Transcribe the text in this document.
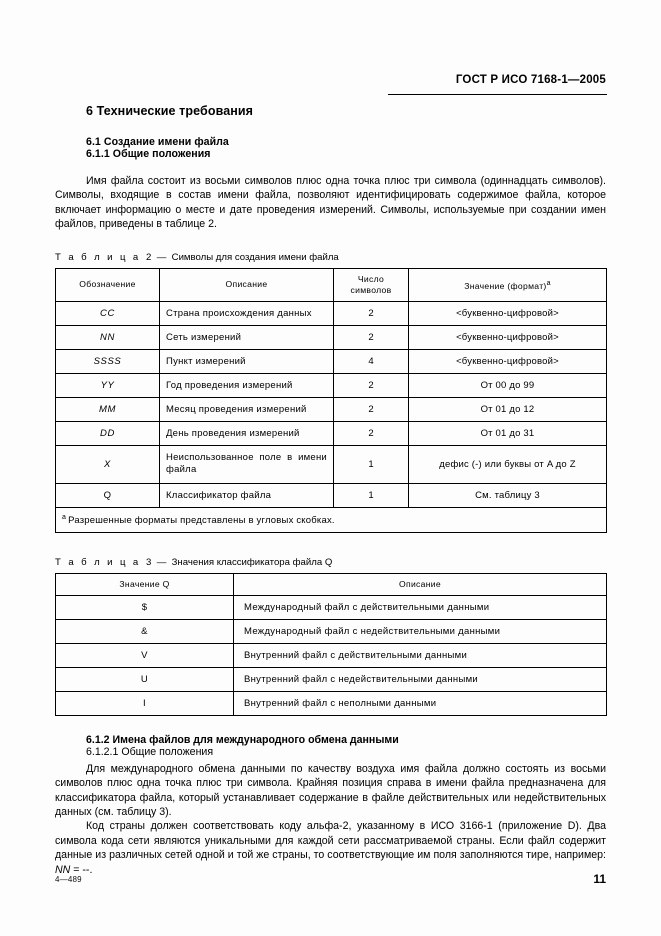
ГОСТ Р ИСО 7168-1—2005
6 Технические требования
6.1 Создание имени файла
6.1.1 Общие положения

Имя файла состоит из восьми символов плюс одна точка плюс три символа (одиннадцать символов). Символы, входящие в состав имени файла, позволяют идентифицировать содержимое файла, которое включает информацию о месте и дате проведения измерений. Символы, используемые при создании имен файлов, приведены в таблице 2.

Т а б л и ц а 2 — Символы для создания имени файла
Обозначение	Описание	Число символов	Значение (формат)$^а$
CC	Страна происхождения данных	2	<буквенно-цифровой>
NN	Сеть измерений	2	<буквенно-цифровой>
SSSS	Пункт измерений	4	<буквенно-цифровой>
YY	Год проведения измерений	2	От 00 до 99
MM	Месяц проведения измерений	2	От 01 до 12
DD	День проведения измерений	2	От 01 до 31
X	Неиспользованное поле в имени файла	1	дефис (-) или буквы от A до Z
Q	Классификатор файла	1	См. таблицу 3
$^а$ Разрешенные форматы представлены в угловых скобках.			
Т а б л и ц а 3 — Значения классификатора файла Q
Значение Q	Описание
$	Международный файл с действительными данными
&	Международный файл с недействительными данными
V	Внутренний файл с действительными данными
U	Внутренний файл с недействительными данными
I	Внутренний файл с неполными данными
6.1.2 Имена файлов для международного обмена данными
6.1.2.1 Общие положения

Для международного обмена данными по качеству воздуха имя файла должно состоять из восьми символов плюс одна точка плюс три символа. Крайняя позиция справа в имени файла предназначена для классификатора файла, который устанавливает содержание в файле действительных или недействительных данных (см. таблицу 3).

Код страны должен соответствовать коду альфа-2, указанному в ИСО 3166-1 (приложение D). Два символа кода сети являются уникальными для каждой сети рассматриваемой страны. Если файл содержит данные из различных сетей одной и той же страны, то соответствующие им поля заполняются тире, например: NN = --.

4—489	11
